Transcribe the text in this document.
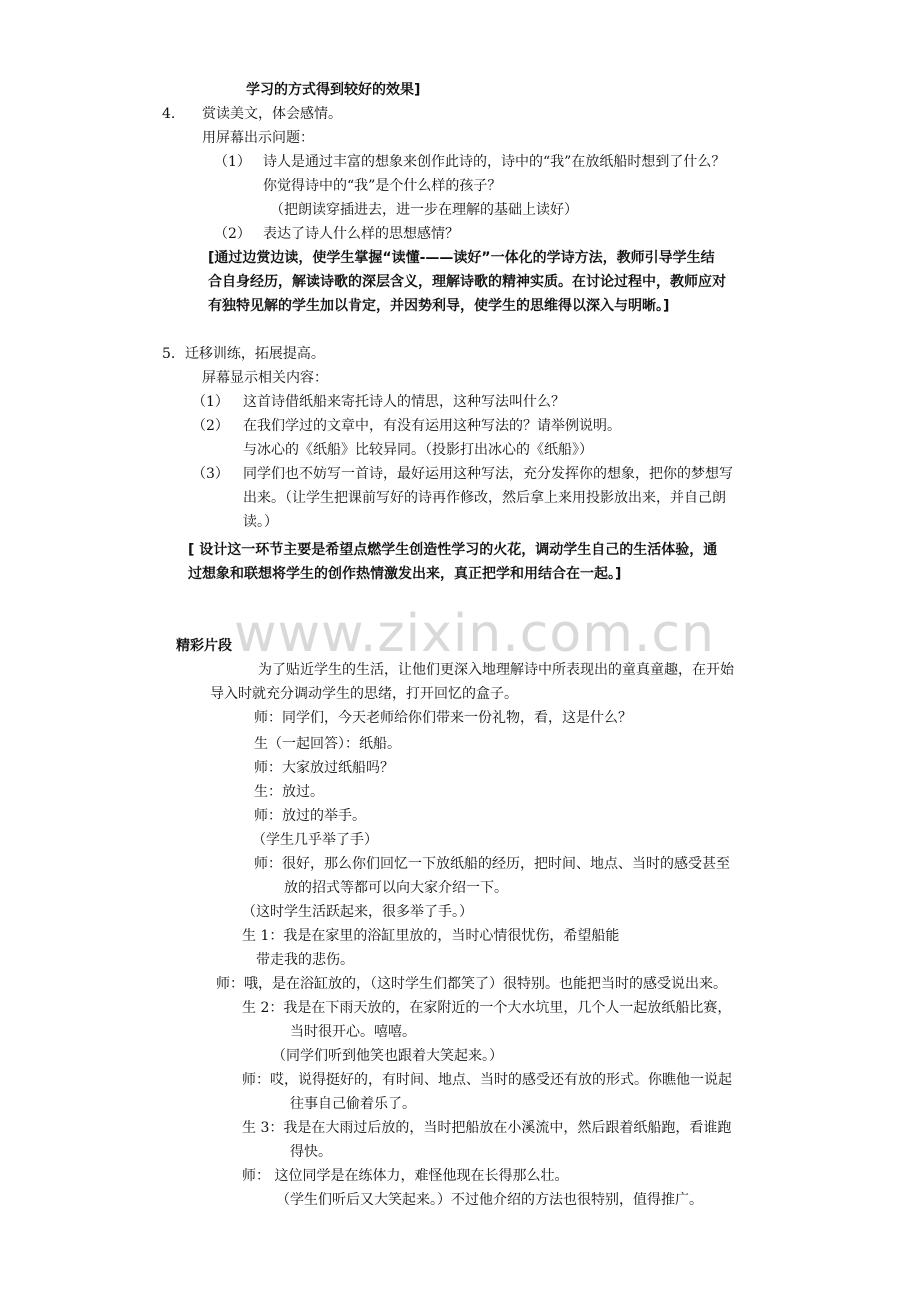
www.zixin.com.cn
学习的方式得到较好的效果]
4. 赏读美文，体会感情。
用屏幕出示问题：
（1） 诗人是通过丰富的想象来创作此诗的，诗中的“我”在放纸船时想到了什么？
你觉得诗中的“我”是个什么样的孩子？
（把朗读穿插进去，进一步在理解的基础上读好）
（2） 表达了诗人什么样的思想感情？
[通过边赏边读，使学生掌握“读懂-——读好”一体化的学诗方法，教师引导学生结
合自身经历，解读诗歌的深层含义，理解诗歌的精神实质。在讨论过程中，教师应对
有独特见解的学生加以肯定，并因势利导，使学生的思维得以深入与明晰。]
5．迁移训练，拓展提高。
屏幕显示相关内容：
（1） 这首诗借纸船来寄托诗人的情思，这种写法叫什么？
（2） 在我们学过的文章中，有没有运用这种写法的？请举例说明。
与冰心的《纸船》比较异同。（投影打出冰心的《纸船》）
（3） 同学们也不妨写一首诗，最好运用这种写法，充分发挥你的想象，把你的梦想写
出来。（让学生把课前写好的诗再作修改，然后拿上来用投影放出来，并自己朗
读。）
[ 设计这一环节主要是希望点燃学生创造性学习的火花，调动学生自己的生活体验，通
过想象和联想将学生的创作热情激发出来，真正把学和用结合在一起。]
精彩片段
为了贴近学生的生活，让他们更深入地理解诗中所表现出的童真童趣，在开始
导入时就充分调动学生的思绪，打开回忆的盒子。
师：同学们，今天老师给你们带来一份礼物，看，这是什么？
生（一起回答）：纸船。
师：大家放过纸船吗？
生：放过。
师：放过的举手。
（学生几乎举了手）
师：很好，那么你们回忆一下放纸船的经历，把时间、地点、当时的感受甚至
放的招式等都可以向大家介绍一下。
（这时学生活跃起来，很多举了手。）
生 1：我是在家里的浴缸里放的，当时心情很忧伤，希望船能
带走我的悲伤。
师：哦，是在浴缸放的，（这时学生们都笑了）很特别。也能把当时的感受说出来。
生 2：我是在下雨天放的，在家附近的一个大水坑里，几个人一起放纸船比赛，
当时很开心。嘻嘻。
（同学们听到他笑也跟着大笑起来。）
师：哎，说得挺好的，有时间、地点、当时的感受还有放的形式。你瞧他一说起
往事自己偷着乐了。
生 3：我是在大雨过后放的，当时把船放在小溪流中，然后跟着纸船跑，看谁跑
得快。
师： 这位同学是在练体力，难怪他现在长得那么壮。
（学生们听后又大笑起来。）不过他介绍的方法也很特别，值得推广。
